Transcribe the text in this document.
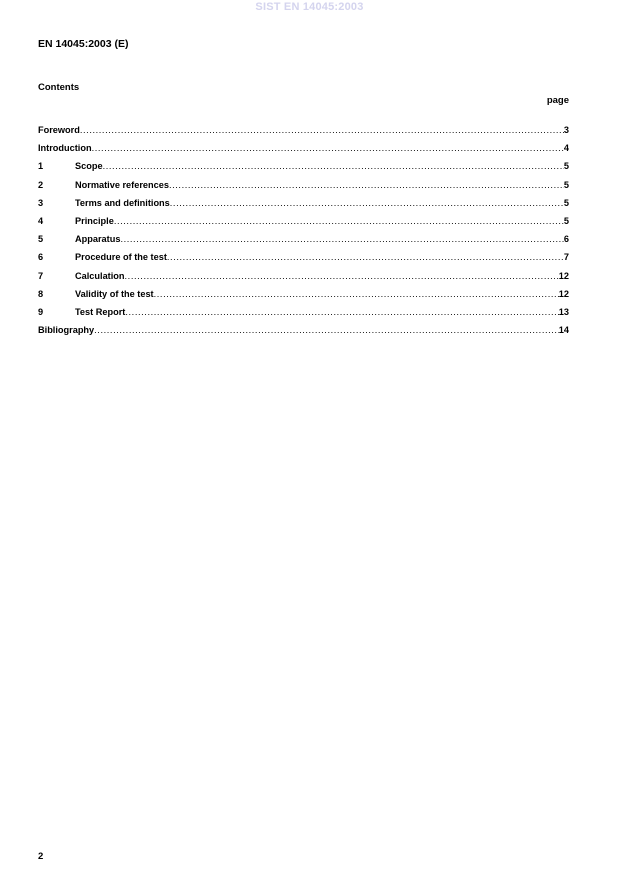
SIST EN 14045:2003
EN 14045:2003 (E)
Contents
page
Foreword .....	3
Introduction .....	4
1	Scope .....	5
2	Normative references .....	5
3	Terms and definitions .....	5
4	Principle .....	5
5	Apparatus .....	6
6	Procedure of the test .....	7
7	Calculation .....	12
8	Validity of the test .....	12
9	Test Report .....	13
Bibliography .....	14
2
